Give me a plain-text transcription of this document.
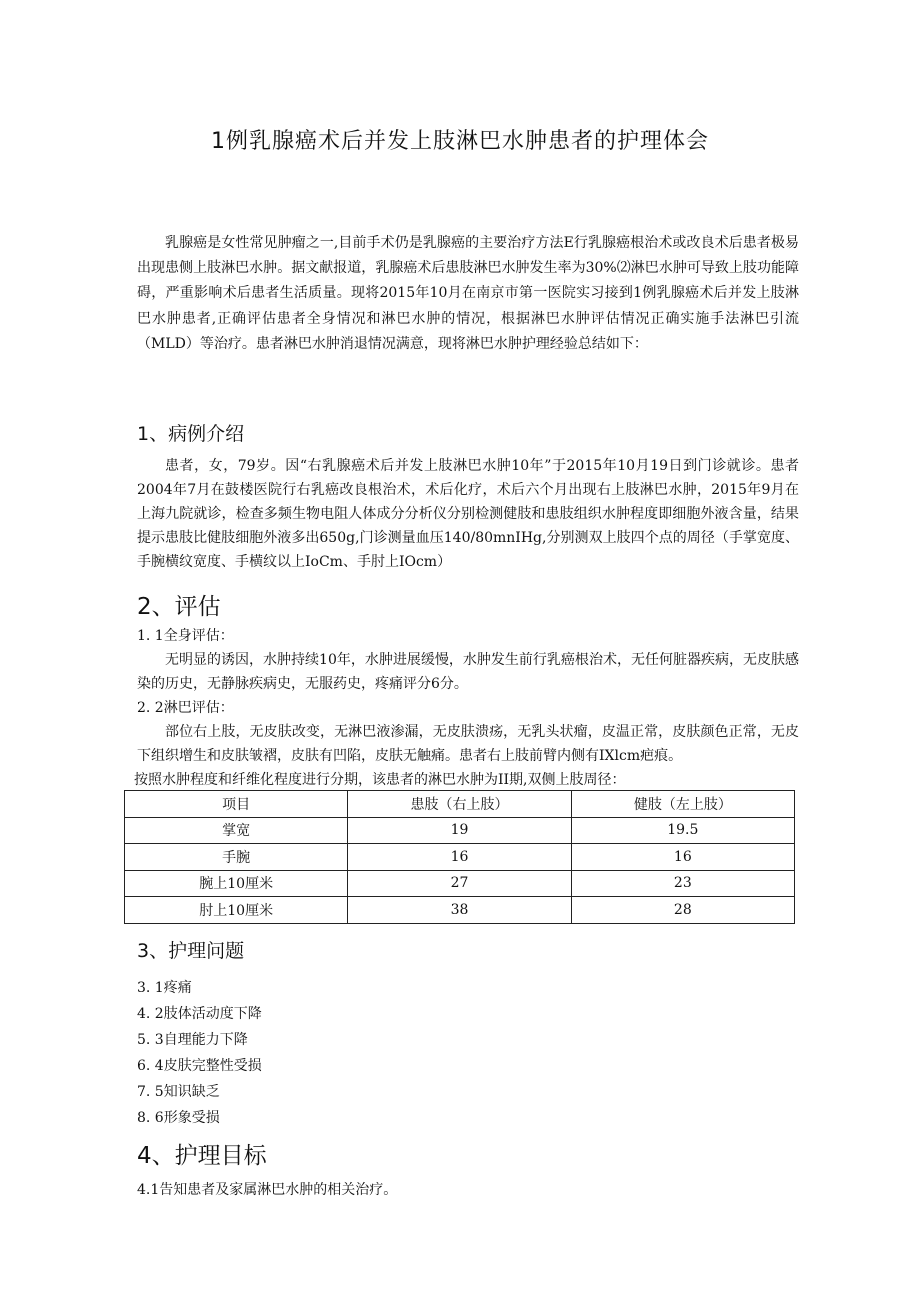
1例乳腺癌术后并发上肢淋巴水肿患者的护理体会

乳腺癌是女性常见肿瘤之一,目前手术仍是乳腺癌的主要治疗方法E行乳腺癌根治术或改良术后患者极易出现患侧上肢淋巴水肿。据文献报道，乳腺癌术后患肢淋巴水肿发生率为30%⑵淋巴水肿可导致上肢功能障碍，严重影响术后患者生活质量。现将2015年10月在南京市第一医院实习接到1例乳腺癌术后并发上肢淋巴水肿患者,正确评估患者全身情况和淋巴水肿的情况，根据淋巴水肿评估情况正确实施手法淋巴引流（MLD）等治疗。患者淋巴水肿消退情况满意，现将淋巴水肿护理经验总结如下：

1、病例介绍

患者，女，79岁。因“右乳腺癌术后并发上肢淋巴水肿10年”于2015年10月19日到门诊就诊。患者2004年7月在鼓楼医院行右乳癌改良根治术，术后化疗，术后六个月出现右上肢淋巴水肿，2015年9月在上海九院就诊，检查多频生物电阻人体成分分析仪分别检测健肢和患肢组织水肿程度即细胞外液含量，结果提示患肢比健肢细胞外液多出650g,门诊测量血压140/80mnIHg,分别测双上肢四个点的周径（手掌宽度、手腕横纹宽度、手横纹以上IoCm、手肘上IOcm）

2、评估
1. 1全身评估：

无明显的诱因，水肿持续10年，水肿进展缓慢，水肿发生前行乳癌根治术，无任何脏器疾病，无皮肤感染的历史，无静脉疾病史，无服药史，疼痛评分6分。

2. 2淋巴评估：

部位右上肢，无皮肤改变，无淋巴液渗漏，无皮肤溃疡，无乳头状瘤，皮温正常，皮肤颜色正常，无皮下组织增生和皮肤皱褶，皮肤有凹陷，皮肤无触痛。患者右上肢前臂内侧有IXlcm疤痕。

按照水肿程度和纤维化程度进行分期，该患者的淋巴水肿为II期,双侧上肢周径：
项目	患肢（右上肢）	健肢（左上肢）
掌宽	19	19.5
手腕	16	16
腕上10厘米	27	23
肘上10厘米	38	28
3、护理问题
3. 1疼痛
4. 2肢体活动度下降
5. 3自理能力下降
6. 4皮肤完整性受损
7. 5知识缺乏
8. 6形象受损
4、护理目标
4.1告知患者及家属淋巴水肿的相关治疗。
